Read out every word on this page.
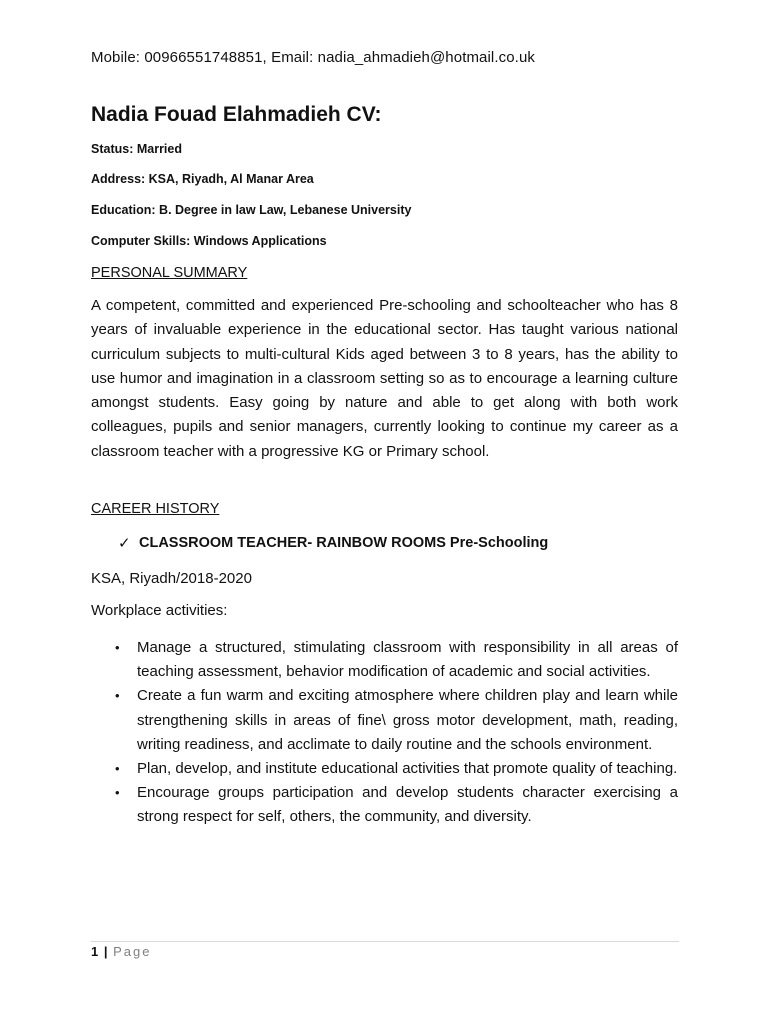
Mobile: 00966551748851, Email: nadia_ahmadieh@hotmail.co.uk
Nadia Fouad Elahmadieh CV:
Status: Married
Address: KSA, Riyadh, Al Manar Area
Education: B. Degree in law Law, Lebanese University
Computer Skills: Windows Applications
PERSONAL SUMMARY
A competent, committed and experienced Pre-schooling and schoolteacher who has 8 years of invaluable experience in the educational sector. Has taught various national curriculum subjects to multi-cultural Kids aged between 3 to 8 years, has the ability to use humor and imagination in a classroom setting so as to encourage a learning culture amongst students. Easy going by nature and able to get along with both work colleagues, pupils and senior managers, currently looking to continue my career as a classroom teacher with a progressive KG or Primary school.
CAREER HISTORY
✓ CLASSROOM TEACHER- RAINBOW ROOMS Pre-Schooling
KSA, Riyadh/2018-2020
Workplace activities:
• Manage a structured, stimulating classroom with responsibility in all areas of teaching assessment, behavior modification of academic and social activities.
• Create a fun warm and exciting atmosphere where children play and learn while strengthening skills in areas of fine\ gross motor development, math, reading, writing readiness, and acclimate to daily routine and the schools environment.
• Plan, develop, and institute educational activities that promote quality of teaching.
• Encourage groups participation and develop students character exercising a strong respect for self, others, the community, and diversity.
1 | Page
